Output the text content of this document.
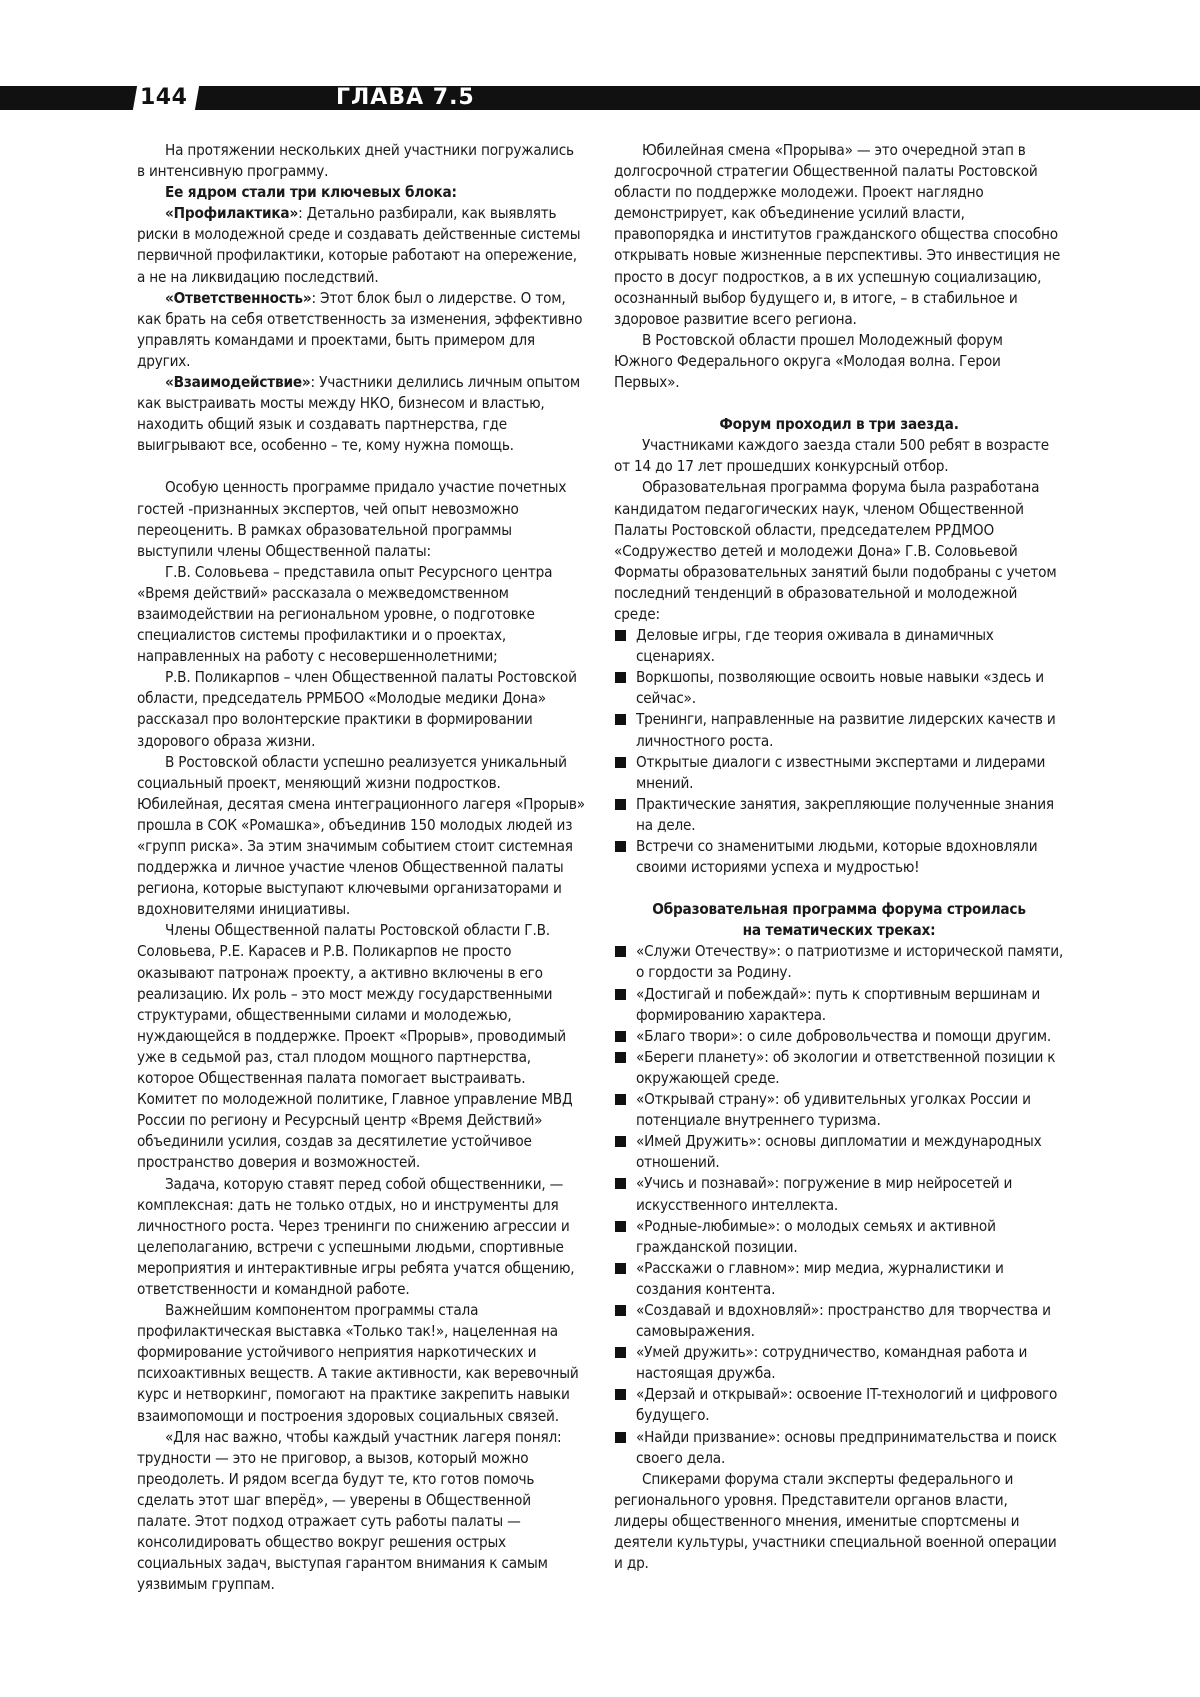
144	ГЛАВА 7.5

На протяжении нескольких дней участники погружались в интенсивную программу.

Ее ядром стали три ключевых блока:

«Профилактика»: Детально разбирали, как выявлять риски в молодежной среде и создавать действенные системы первичной профилактики, которые работают на опережение, а не на ликвидацию последствий.

«Ответственность»: Этот блок был о лидерстве. О том, как брать на себя ответственность за изменения, эффективно управлять командами и проектами, быть примером для других.

«Взаимодействие»: Участники делились личным опытом как выстраивать мосты между НКО, бизнесом и властью, находить общий язык и создавать партнерства, где выигрывают все, особенно – те, кому нужна помощь.

Особую ценность программе придало участие почетных гостей -признанных экспертов, чей опыт невозможно переоценить. В рамках образовательной программы выступили члены Общественной палаты:

Г.В. Соловьева – представила опыт Ресурсного центра «Время действий» рассказала о межведомственном взаимодействии на региональном уровне, о подготовке специалистов системы профилактики и о проектах, направленных на работу с несовершеннолетними;

Р.В. Поликарпов – член Общественной палаты Ростовской области, председатель РРМБОО «Молодые медики Дона» рассказал про волонтерские практики в формировании здорового образа жизни.

В Ростовской области успешно реализуется уникальный социальный проект, меняющий жизни подростков. Юбилейная, десятая смена интеграционного лагеря «Прорыв» прошла в СОК «Ромашка», объединив 150 молодых людей из «групп риска». За этим значимым событием стоит системная поддержка и личное участие членов Общественной палаты региона, которые выступают ключевыми организаторами и вдохновителями инициативы.

Члены Общественной палаты Ростовской области Г.В. Соловьева, Р.Е. Карасев и Р.В. Поликарпов не просто оказывают патронаж проекту, а активно включены в его реализацию. Их роль – это мост между государственными структурами, общественными силами и молодежью, нуждающейся в поддержке. Проект «Прорыв», проводимый уже в седьмой раз, стал плодом мощного партнерства, которое Общественная палата помогает выстраивать. Комитет по молодежной политике, Главное управление МВД России по региону и Ресурсный центр «Время Действий» объединили усилия, создав за десятилетие устойчивое пространство доверия и возможностей.

Задача, которую ставят перед собой общественники, — комплексная: дать не только отдых, но и инструменты для личностного роста. Через тренинги по снижению агрессии и целеполаганию, встречи с успешными людьми, спортивные мероприятия и интерактивные игры ребята учатся общению, ответственности и командной работе.

Важнейшим компонентом программы стала профилактическая выставка «Только так!», нацеленная на формирование устойчивого неприятия наркотических и психоактивных веществ. А такие активности, как веревочный курс и нетворкинг, помогают на практике закрепить навыки взаимопомощи и построения здоровых социальных связей.

«Для нас важно, чтобы каждый участник лагеря понял: трудности — это не приговор, а вызов, который можно преодолеть. И рядом всегда будут те, кто готов помочь сделать этот шаг вперёд», — уверены в Общественной палате. Этот подход отражает суть работы палаты — консолидировать общество вокруг решения острых социальных задач, выступая гарантом внимания к самым уязвимым группам.

Юбилейная смена «Прорыва» — это очередной этап в долгосрочной стратегии Общественной палаты Ростовской области по поддержке молодежи. Проект наглядно демонстрирует, как объединение усилий власти, правопорядка и институтов гражданского общества способно открывать новые жизненные перспективы. Это инвестиция не просто в досуг подростков, а в их успешную социализацию, осознанный выбор будущего и, в итоге, – в стабильное и здоровое развитие всего региона.

В Ростовской области прошел Молодежный форум Южного Федерального округа «Молодая волна. Герои Первых».

Форум проходил в три заезда.

Участниками каждого заезда стали 500 ребят в возрасте от 14 до 17 лет прошедших конкурсный отбор.

Образовательная программа форума была разработана кандидатом педагогических наук, членом Общественной Палаты Ростовской области, председателем РРДМОО «Содружество детей и молодежи Дона» Г.В. Соловьевой Форматы образовательных занятий были подобраны с учетом последний тенденций в образовательной и молодежной среде:

Деловые игры, где теория оживала в динамичных сценариях.
Воркшопы, позволяющие освоить новые навыки «здесь и сейчас».
Тренинги, направленные на развитие лидерских качеств и личностного роста.
Открытые диалоги с известными экспертами и лидерами мнений.
Практические занятия, закрепляющие полученные знания на деле.
Встречи со знаменитыми людьми, которые вдохновляли своими историями успеха и мудростью!

Образовательная программа форума строилась
на тематических треках:

«Служи Отечеству»: о патриотизме и исторической памяти, о гордости за Родину.
«Достигай и побеждай»: путь к спортивным вершинам и формированию характера.
«Благо твори»: о силе добровольчества и помощи другим.
«Береги планету»: об экологии и ответственной позиции к окружающей среде.
«Открывай страну»: об удивительных уголках России и потенциале внутреннего туризма.
«Имей Дружить»: основы дипломатии и международных отношений.
«Учись и познавай»: погружение в мир нейросетей и искусственного интеллекта.
«Родные-любимые»: о молодых семьях и активной гражданской позиции.
«Расскажи о главном»: мир медиа, журналистики и создания контента.
«Создавай и вдохновляй»: пространство для творчества и самовыражения.
«Умей дружить»: сотрудничество, командная работа и настоящая дружба.
«Дерзай и открывай»: освоение IT-технологий и цифрового будущего.
«Найди призвание»: основы предпринимательства и поиск своего дела.

Спикерами форума стали эксперты федерального и регионального уровня. Представители органов власти, лидеры общественного мнения, именитые спортсмены и деятели культуры, участники специальной военной операции и др.
